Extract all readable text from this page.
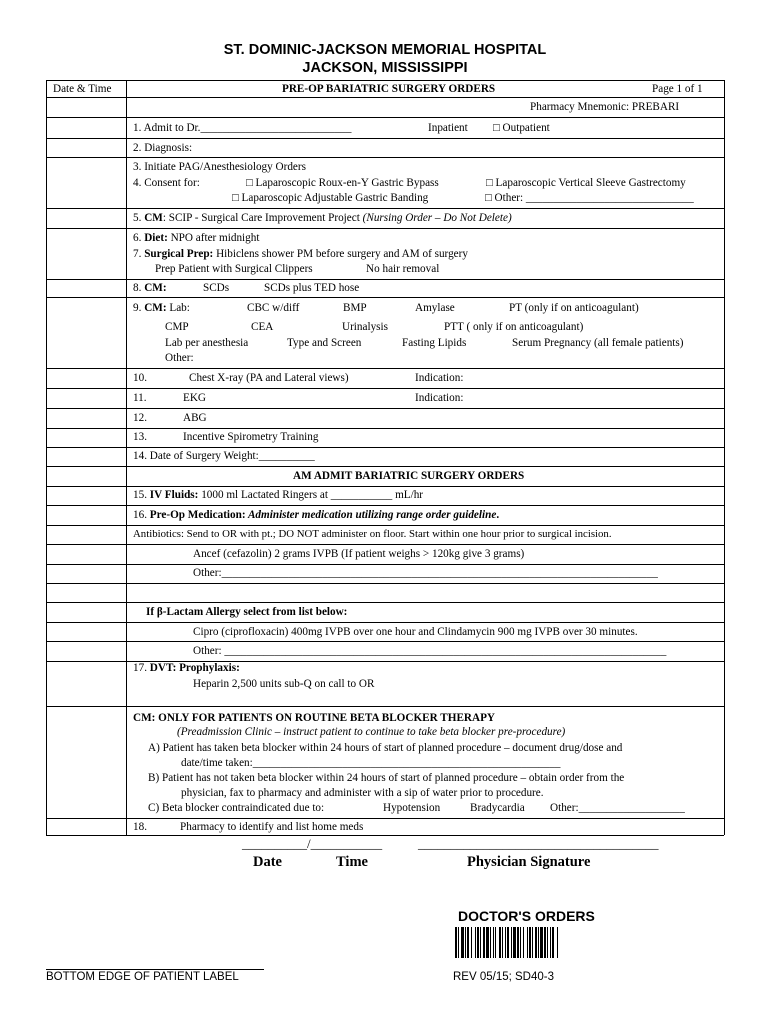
ST. DOMINIC-JACKSON MEMORIAL HOSPITAL
JACKSON, MISSISSIPPI
Date & Time	PRE-OP BARIATRIC SURGERY ORDERS	Page 1 of 1
Pharmacy Mnemonic: PREBARI
1. Admit to Dr.___________________________	Inpatient □ Outpatient
2. Diagnosis:
3. Initiate PAG/Anesthesiology Orders
4. Consent for:	□ Laparoscopic Roux-en-Y Gastric Bypass	□ Laparoscopic Vertical Sleeve Gastrectomy
□ Laparoscopic Adjustable Gastric Banding	□ Other: ______________________________
5. CM: SCIP - Surgical Care Improvement Project (Nursing Order – Do Not Delete)
6. Diet: NPO after midnight
7. Surgical Prep: Hibiclens shower PM before surgery and AM of surgery
Prep Patient with Surgical Clippers	No hair removal
8. CM:	SCDs	SCDs plus TED hose
9. CM: Lab:	CBC w/diff	BMP	Amylase	PT (only if on anticoagulant)
CMP	CEA	Urinalysis	PTT ( only if on anticoagulant)
Lab per anesthesia	Type and Screen	Fasting Lipids	Serum Pregnancy (all female patients)
Other:
10.	Chest X-ray (PA and Lateral views)	Indication:
11.	EKG	Indication:
12.	ABG
13.	Incentive Spirometry Training
14. Date of Surgery Weight:__________
AM ADMIT BARIATRIC SURGERY ORDERS
15. IV Fluids: 1000 ml Lactated Ringers at ___________ mL/hr
16. Pre-Op Medication: Administer medication utilizing range order guideline.
Antibiotics: Send to OR with pt.; DO NOT administer on floor. Start within one hour prior to surgical incision.
Ancef (cefazolin) 2 grams IVPB (If patient weighs > 120kg give 3 grams)
Other:______________________________________________________________________________
If β-Lactam Allergy select from list below:
Cipro (ciprofloxacin) 400mg IVPB over one hour and Clindamycin 900 mg IVPB over 30 minutes.
Other: _______________________________________________________________________________
17. DVT: Prophylaxis:
Heparin 2,500 units sub-Q on call to OR
CM: ONLY FOR PATIENTS ON ROUTINE BETA BLOCKER THERAPY
(Preadmission Clinic – instruct patient to continue to take beta blocker pre-procedure)
A) Patient has taken beta blocker within 24 hours of start of planned procedure – document drug/dose and
date/time taken:_______________________________________________________
B) Patient has not taken beta blocker within 24 hours of start of planned procedure – obtain order from the
physician, fax to pharmacy and administer with a sip of water prior to procedure.
C) Beta blocker contraindicated due to:	Hypotension	Bradycardia Other:___________________
18.	Pharmacy to identify and list home meds
__________/___________	_____________________________________
Date	Time	Physician Signature
DOCTOR'S ORDERS
BOTTOM EDGE OF PATIENT LABEL	REV 05/15; SD40-3
